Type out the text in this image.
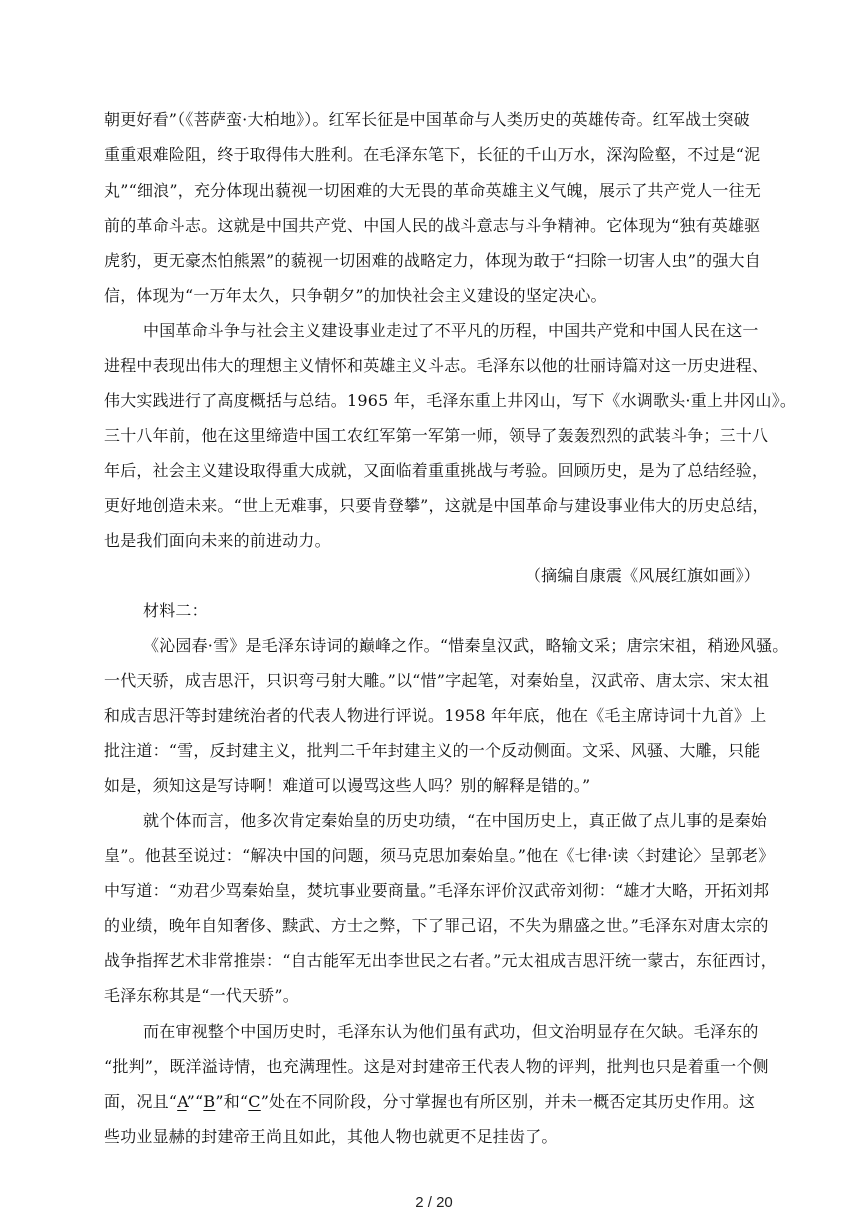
朝更好看”（《菩萨蛮·大柏地》）。红军长征是中国革命与人类历史的英雄传奇。红军战士突破
重重艰难险阻，终于取得伟大胜利。在毛泽东笔下，长征的千山万水，深沟险壑，不过是“泥
丸”“细浪”，充分体现出藐视一切困难的大无畏的革命英雄主义气魄，展示了共产党人一往无
前的革命斗志。这就是中国共产党、中国人民的战斗意志与斗争精神。它体现为“独有英雄驱
虎豹，更无豪杰怕熊罴”的藐视一切困难的战略定力，体现为敢于“扫除一切害人虫”的强大自
信，体现为“一万年太久，只争朝夕”的加快社会主义建设的坚定决心。
中国革命斗争与社会主义建设事业走过了不平凡的历程，中国共产党和中国人民在这一
进程中表现出伟大的理想主义情怀和英雄主义斗志。毛泽东以他的壮丽诗篇对这一历史进程、
伟大实践进行了高度概括与总结。1965 年，毛泽东重上井冈山，写下《水调歌头·重上井冈山》。
三十八年前，他在这里缔造中国工农红军第一军第一师，领导了轰轰烈烈的武装斗争；三十八
年后，社会主义建设取得重大成就，又面临着重重挑战与考验。回顾历史，是为了总结经验，
更好地创造未来。“世上无难事，只要肯登攀”，这就是中国革命与建设事业伟大的历史总结，
也是我们面向未来的前进动力。
（摘编自康震《风展红旗如画》）
材料二：
《沁园春·雪》是毛泽东诗词的巅峰之作。“惜秦皇汉武，略输文采；唐宗宋祖，稍逊风骚。
一代天骄，成吉思汗，只识弯弓射大雕。”以“惜”字起笔，对秦始皇，汉武帝、唐太宗、宋太祖
和成吉思汗等封建统治者的代表人物进行评说。1958 年年底，他在《毛主席诗词十九首》上
批注道：“雪，反封建主义，批判二千年封建主义的一个反动侧面。文采、风骚、大雕，只能
如是，须知这是写诗啊！难道可以谩骂这些人吗？别的解释是错的。”
就个体而言，他多次肯定秦始皇的历史功绩，“在中国历史上，真正做了点儿事的是秦始
皇”。他甚至说过：“解决中国的问题，须马克思加秦始皇。”他在《七律·读〈封建论〉呈郭老》
中写道：“劝君少骂秦始皇，焚坑事业要商量。”毛泽东评价汉武帝刘彻：“雄才大略，开拓刘邦
的业绩，晚年自知奢侈、黩武、方士之弊，下了罪己诏，不失为鼎盛之世。”毛泽东对唐太宗的
战争指挥艺术非常推崇：“自古能军无出李世民之右者。”元太祖成吉思汗统一蒙古，东征西讨，
毛泽东称其是“一代天骄”。
而在审视整个中国历史时，毛泽东认为他们虽有武功，但文治明显存在欠缺。毛泽东的
“批判”，既洋溢诗情，也充满理性。这是对封建帝王代表人物的评判，批判也只是着重一个侧
面，况且“A”“B”和“C”处在不同阶段，分寸掌握也有所区别，并未一概否定其历史作用。这
些功业显赫的封建帝王尚且如此，其他人物也就更不足挂齿了。
2 / 20
